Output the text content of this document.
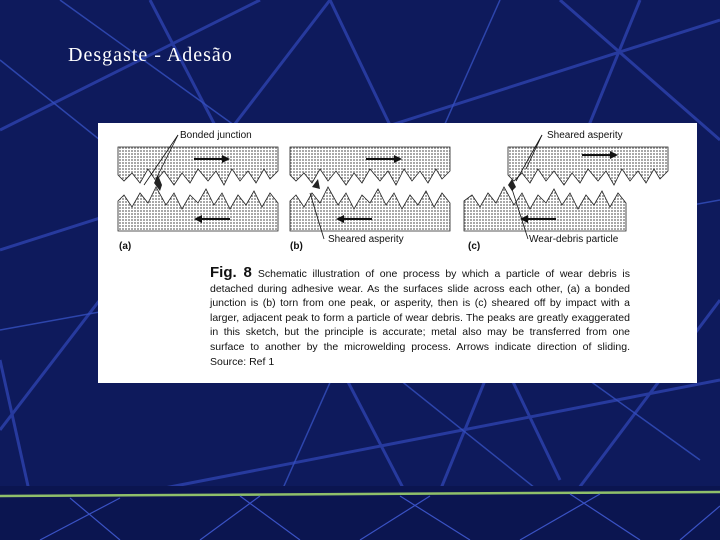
Desgaste - Adesão
Bonded junction	Sheared asperity
Sheared asperity	Wear-debris particle
(a)	(b)	(c)
Fig. 8 Schematic illustration of one process by which a particle of wear debris is detached during adhesive wear. As the surfaces slide across each other, (a) a bonded junction is (b) torn from one peak, or asperity, then is (c) sheared off by impact with a larger, adjacent peak to form a particle of wear debris. The peaks are greatly exaggerated in this sketch, but the principle is accurate; metal also may be transferred from one surface to another by the microwelding process. Arrows indicate direction of sliding. Source: Ref 1
